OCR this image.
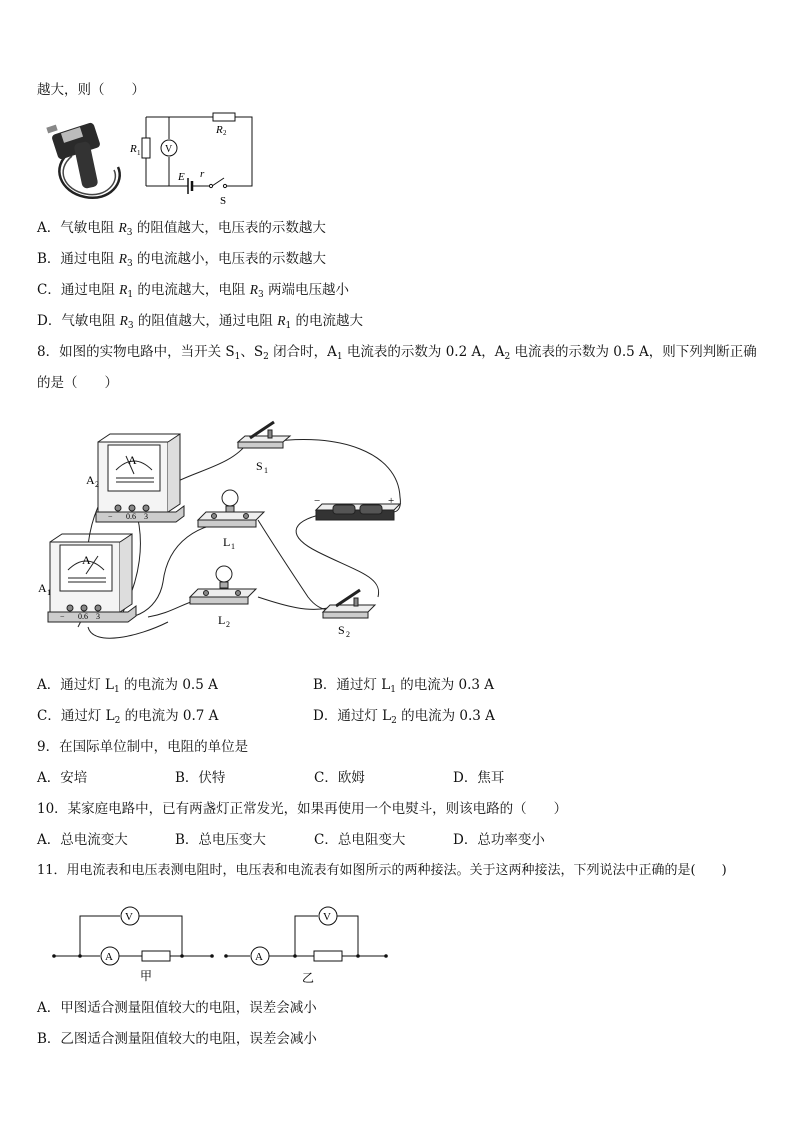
越大，则（　　）
V
R 1
R 2
E r
S
A．气敏电阻 $R_3$ 的阻值越大，电压表的示数越大
B．通过电阻 $R_3$ 的电流越小，电压表的示数越大
C．通过电阻 $R_1$ 的电流越大，电阻 $R_3$ 两端电压越小
D．气敏电阻 $R_3$ 的阻值越大，通过电阻 $R_1$ 的电流越大
8．如图的实物电路中，当开关 $S_1$、$S_2$ 闭合时，$A_1$ 电流表的示数为 0.2 A，$A_2$ 电流表的示数为 0.5 A，则下列判断正确
的是（　　）
A
− 0.6 3
A 2
A
− 0.6 3
A 1
S 1
−	+
L 1
L 2	S 2
A．通过灯 $L_1$ 的电流为 0.5 A	B．通过灯 $L_1$ 的电流为 0.3 A
C．通过灯 $L_2$ 的电流为 0.7 A	D．通过灯 $L_2$ 的电流为 0.3 A
9．在国际单位制中，电阻的单位是
A．安培	B．伏特	C．欧姆	D．焦耳
10．某家庭电路中，已有两盏灯正常发光，如果再使用一个电熨斗，则该电路的（　　）
A．总电流变大	B．总电压变大	C．总电阻变大	D．总功率变小
11．用电流表和电压表测电阻时，电压表和电流表有如图所示的两种接法。关于这两种接法，下列说法中正确的是(　　)
V
A
V
A
甲	乙
A．甲图适合测量阻值较大的电阻，误差会减小
B．乙图适合测量阻值较大的电阻，误差会减小
